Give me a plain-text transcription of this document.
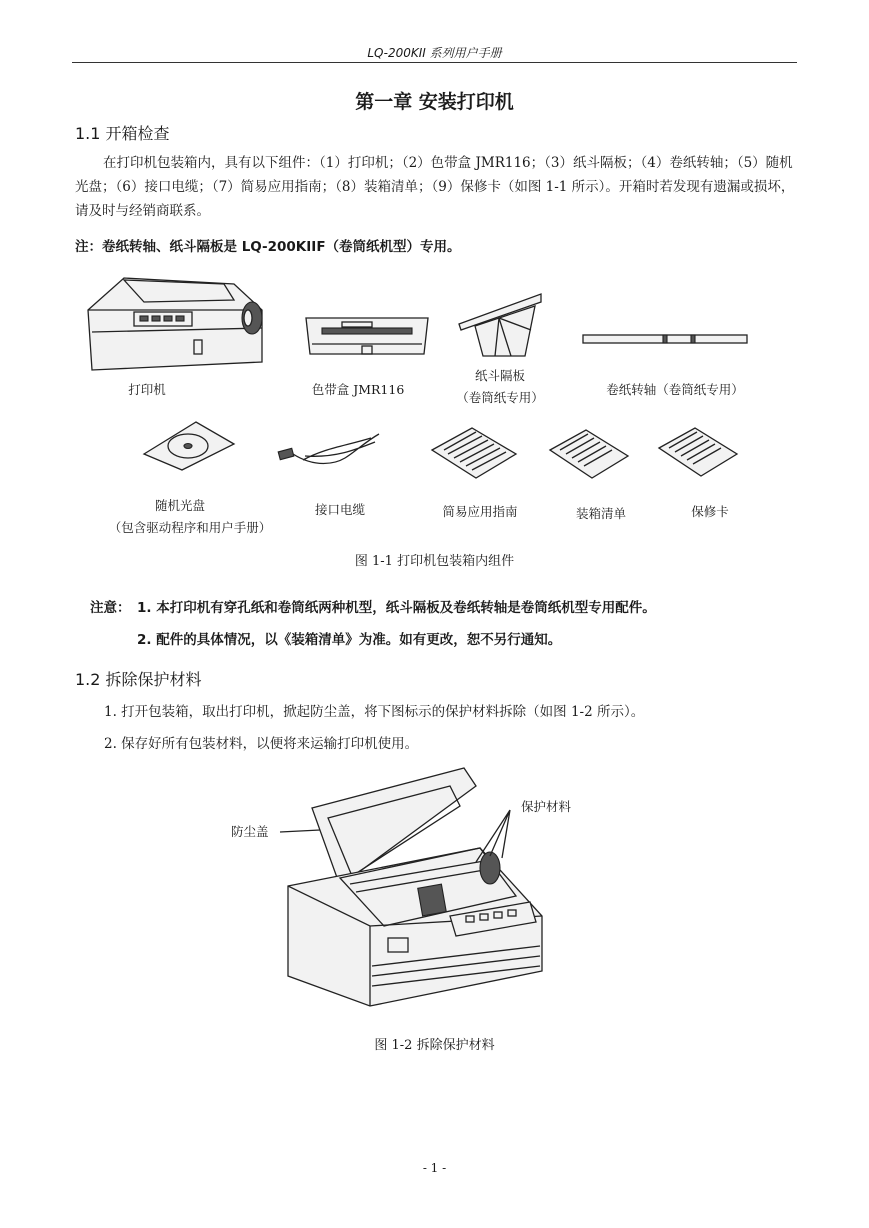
LQ-200KII 系列用户手册
第一章 安装打印机
1.1 开箱检查
在打印机包装箱内，具有以下组件：（1）打印机；（2）色带盒 JMR116；（3）纸斗隔板；（4）卷纸转轴；（5）随机光盘；（6）接口电缆；（7）简易应用指南；（8）装箱清单；（9）保修卡（如图 1-1 所示）。开箱时若发现有遗漏或损坏，请及时与经销商联系。
注：卷纸转轴、纸斗隔板是 LQ-200KIIF（卷筒纸机型）专用。
打印机	色带盒 JMR116
纸斗隔板
（卷筒纸专用）
卷纸转轴（卷筒纸专用）
随机光盘
（包含驱动程序和用户手册）
接口电缆	简易应用指南	装箱清单	保修卡
图 1-1 打印机包装箱内组件
注意： 1. 本打印机有穿孔纸和卷筒纸两种机型，纸斗隔板及卷纸转轴是卷筒纸机型专用配件。
2. 配件的具体情况，以《装箱清单》为准。如有更改，恕不另行通知。
1.2 拆除保护材料
1. 打开包装箱，取出打印机，掀起防尘盖，将下图标示的保护材料拆除（如图 1-2 所示）。
2. 保存好所有包装材料，以便将来运输打印机使用。
防尘盖
保护材料
图 1-2 拆除保护材料
- 1 -
